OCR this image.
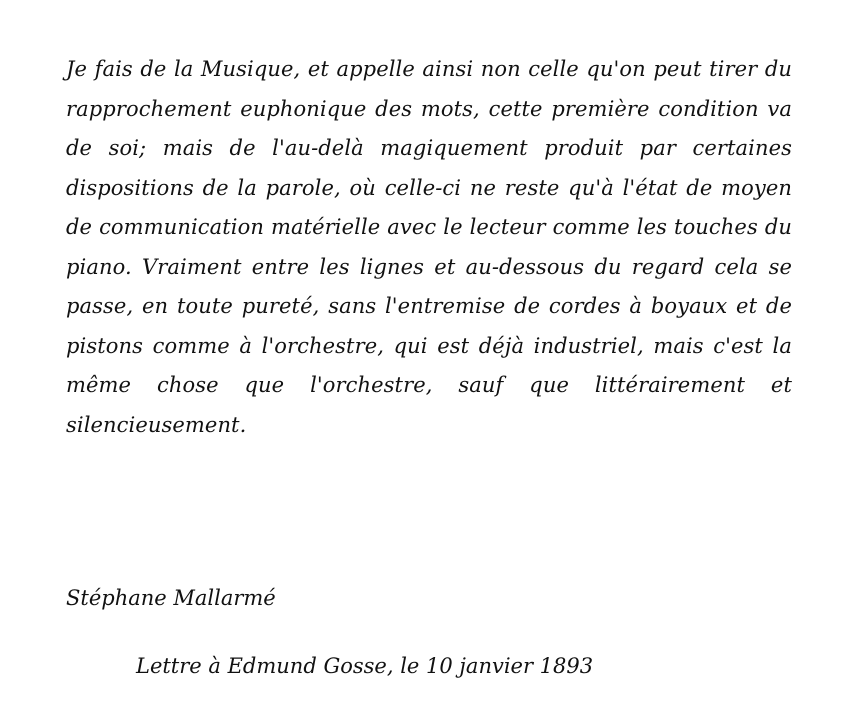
Je fais de la Musique, et appelle ainsi non celle qu'on peut tirer du rapprochement euphonique des mots, cette première condition va de soi; mais de l'au-delà magiquement produit par certaines dispositions de la parole, où celle-ci ne reste qu'à l'état de moyen de communication matérielle avec le lecteur comme les touches du piano. Vraiment entre les lignes et au-dessous du regard cela se passe, en toute pureté, sans l'entremise de cordes à boyaux et de pistons comme à l'orchestre, qui est déjà industriel, mais c'est la même chose que l'orchestre, sauf que littérairement et silencieusement.

Stéphane Mallarmé

Lettre à Edmund Gosse, le 10 janvier 1893
